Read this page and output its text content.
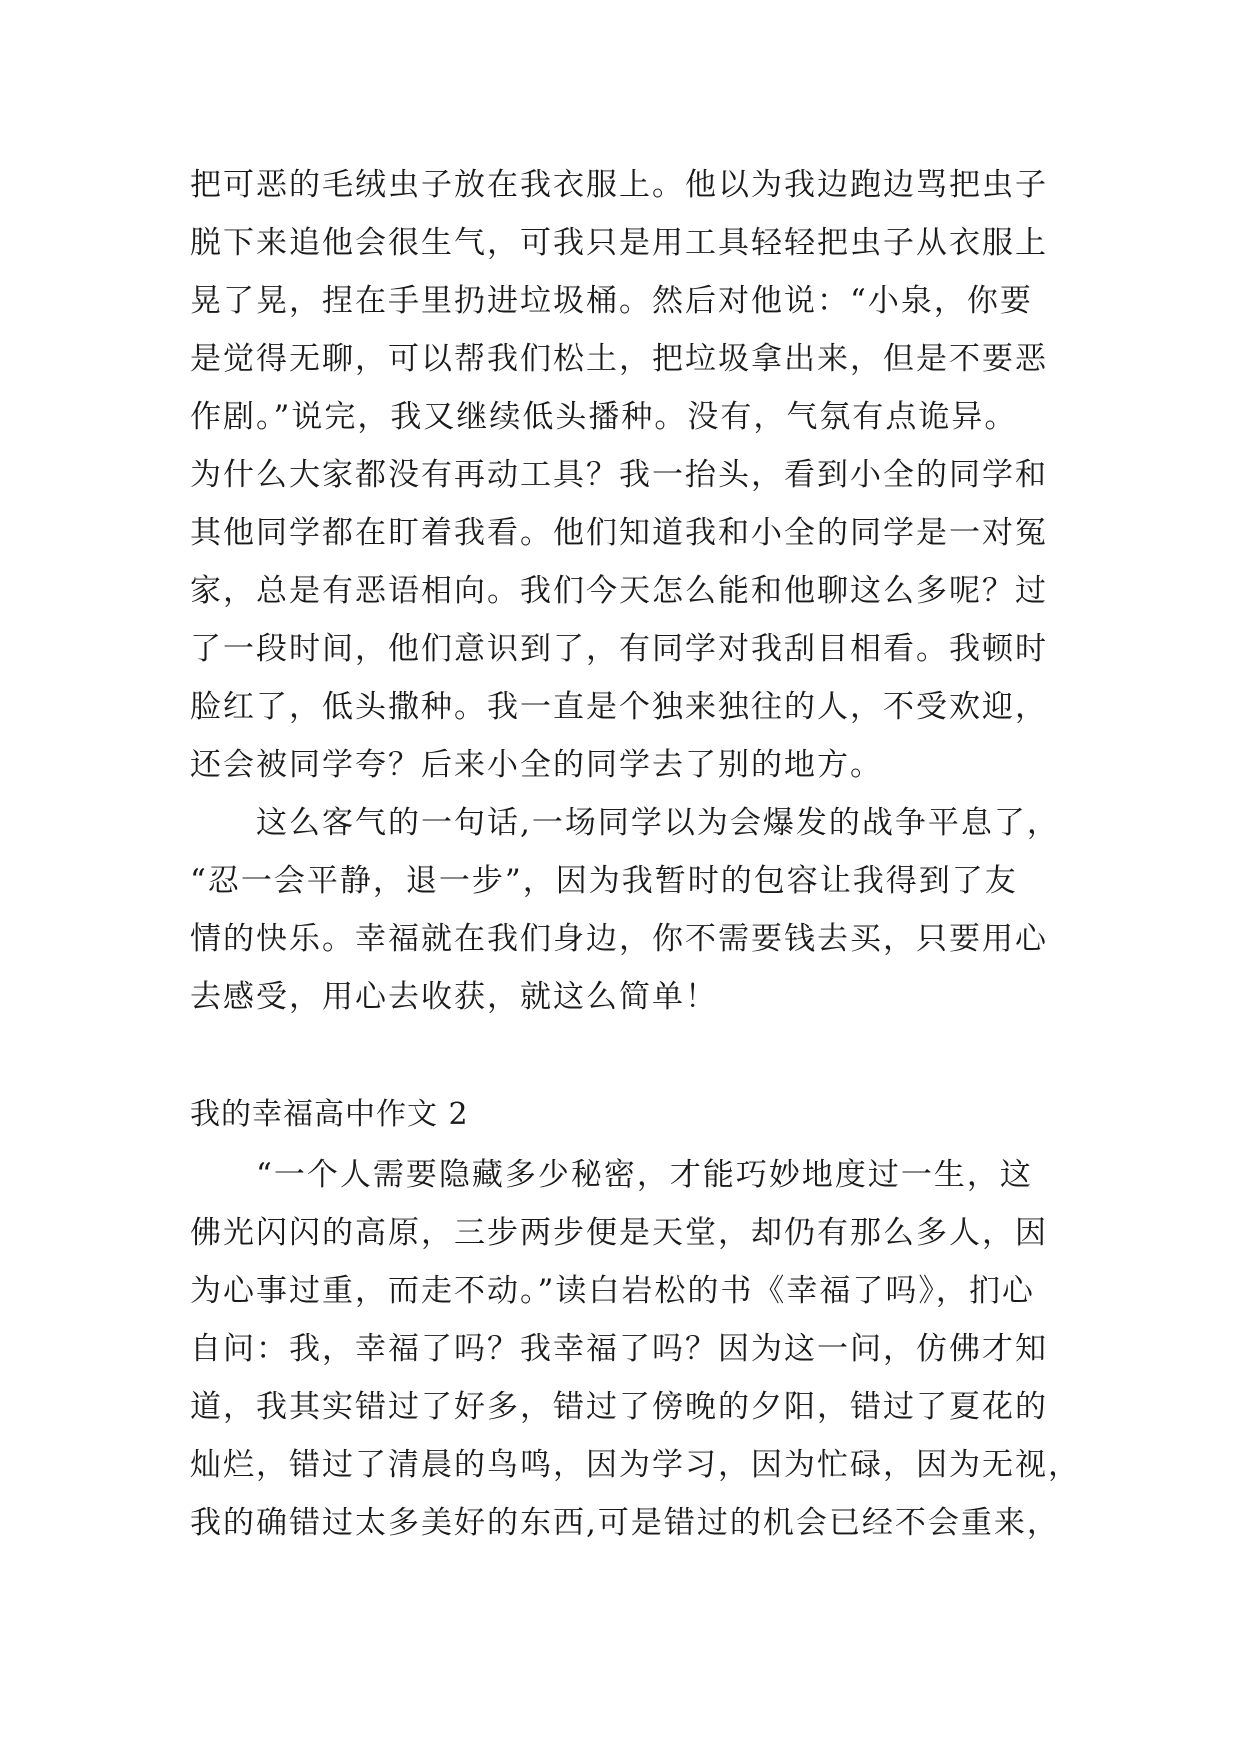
把可恶的毛绒虫子放在我衣服上。他以为我边跑边骂把虫子
脱下来追他会很生气，可我只是用工具轻轻把虫子从衣服上
晃了晃，捏在手里扔进垃圾桶。然后对他说：“小泉，你要
是觉得无聊，可以帮我们松土，把垃圾拿出来，但是不要恶
作剧。”说完，我又继续低头播种。没有，气氛有点诡异。
为什么大家都没有再动工具？我一抬头，看到小全的同学和
其他同学都在盯着我看。他们知道我和小全的同学是一对冤
家，总是有恶语相向。我们今天怎么能和他聊这么多呢？过
了一段时间，他们意识到了，有同学对我刮目相看。我顿时
脸红了，低头撒种。我一直是个独来独往的人，不受欢迎，
还会被同学夸？后来小全的同学去了别的地方。
这么客气的一句话,一场同学以为会爆发的战争平息了，
“忍一会平静，退一步”，因为我暂时的包容让我得到了友
情的快乐。幸福就在我们身边，你不需要钱去买，只要用心
去感受，用心去收获，就这么简单！
我的幸福高中作文 2
“一个人需要隐藏多少秘密，才能巧妙地度过一生，这
佛光闪闪的高原，三步两步便是天堂，却仍有那么多人，因
为心事过重，而走不动。”读白岩松的书《幸福了吗》，扪心
自问：我，幸福了吗？我幸福了吗？因为这一问，仿佛才知
道，我其实错过了好多，错过了傍晚的夕阳，错过了夏花的
灿烂，错过了清晨的鸟鸣，因为学习，因为忙碌，因为无视，
我的确错过太多美好的东西,可是错过的机会已经不会重来，
